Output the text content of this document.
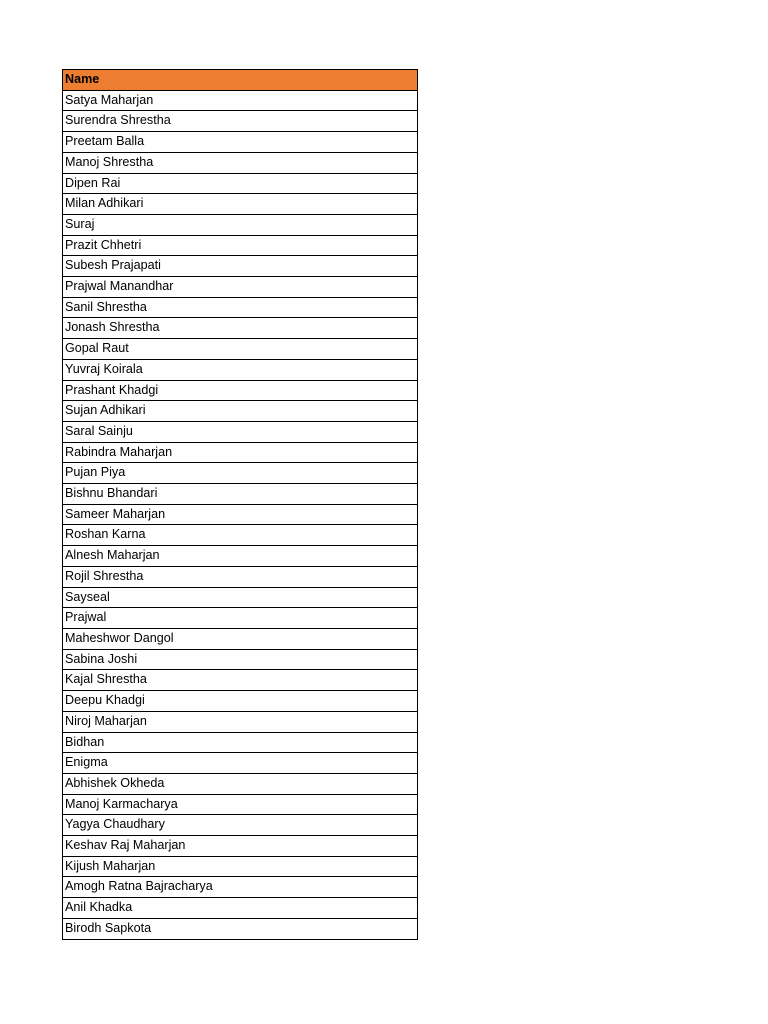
Name
Satya Maharjan
Surendra Shrestha
Preetam Balla
Manoj Shrestha
Dipen Rai
Milan Adhikari
Suraj
Prazit Chhetri
Subesh Prajapati
Prajwal Manandhar
Sanil Shrestha
Jonash Shrestha
Gopal Raut
Yuvraj Koirala
Prashant Khadgi
Sujan Adhikari
Saral Sainju
Rabindra Maharjan
Pujan Piya
Bishnu Bhandari
Sameer Maharjan
Roshan Karna
Alnesh Maharjan
Rojil Shrestha
Sayseal
Prajwal
Maheshwor Dangol
Sabina Joshi
Kajal Shrestha
Deepu Khadgi
Niroj Maharjan
Bidhan
Enigma
Abhishek Okheda
Manoj Karmacharya
Yagya Chaudhary
Keshav Raj Maharjan
Kijush Maharjan
Amogh Ratna Bajracharya
Anil Khadka
Birodh Sapkota
